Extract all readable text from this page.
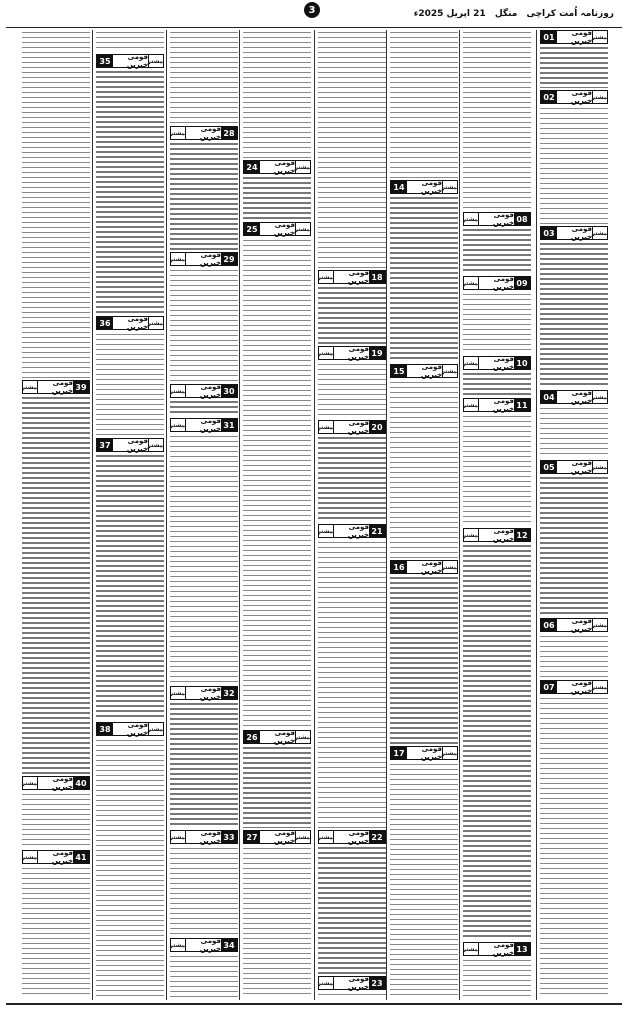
3	روزنامہ اُمت کراچی منگل 21 اپریل 2025ء
01	قومی خبریں بیشتر
02	قومی خبریں بیشتر
03	قومی خبریں بیشتر
04	قومی خبریں بیشتر
05	قومی خبریں بیشتر
06	قومی خبریں بیشتر
07	قومی خبریں بیشتر
08
قومی خبریں
بیشتر
09
قومی خبریں
بیشتر
10
قومی خبریں
بیشتر
11
قومی خبریں
بیشتر
12
قومی خبریں
بیشتر
13
قومی خبریں
بیشتر
14	قومی خبریں بیشتر
15	قومی خبریں بیشتر
16	قومی خبریں بیشتر
17	قومی خبریں بیشتر
18
قومی خبریں
بیشتر
19
قومی خبریں
بیشتر
20
قومی خبریں
بیشتر
21
قومی خبریں
بیشتر
22
قومی خبریں
بیشتر
23
قومی خبریں
بیشتر
24	قومی خبریں بیشتر
25	قومی خبریں بیشتر
26	قومی خبریں بیشتر
27	قومی خبریں بیشتر
28
قومی خبریں
بیشتر
29
قومی خبریں
بیشتر
30
قومی خبریں
بیشتر
31
قومی خبریں
بیشتر
32
قومی خبریں
بیشتر
33
قومی خبریں
بیشتر
34
قومی خبریں
بیشتر
35	قومی خبریں بیشتر
36	قومی خبریں بیشتر
37	قومی خبریں بیشتر
38	قومی خبریں بیشتر
39
قومی خبریں
بیشتر
40
قومی خبریں
بیشتر
41
قومی خبریں
بیشتر
